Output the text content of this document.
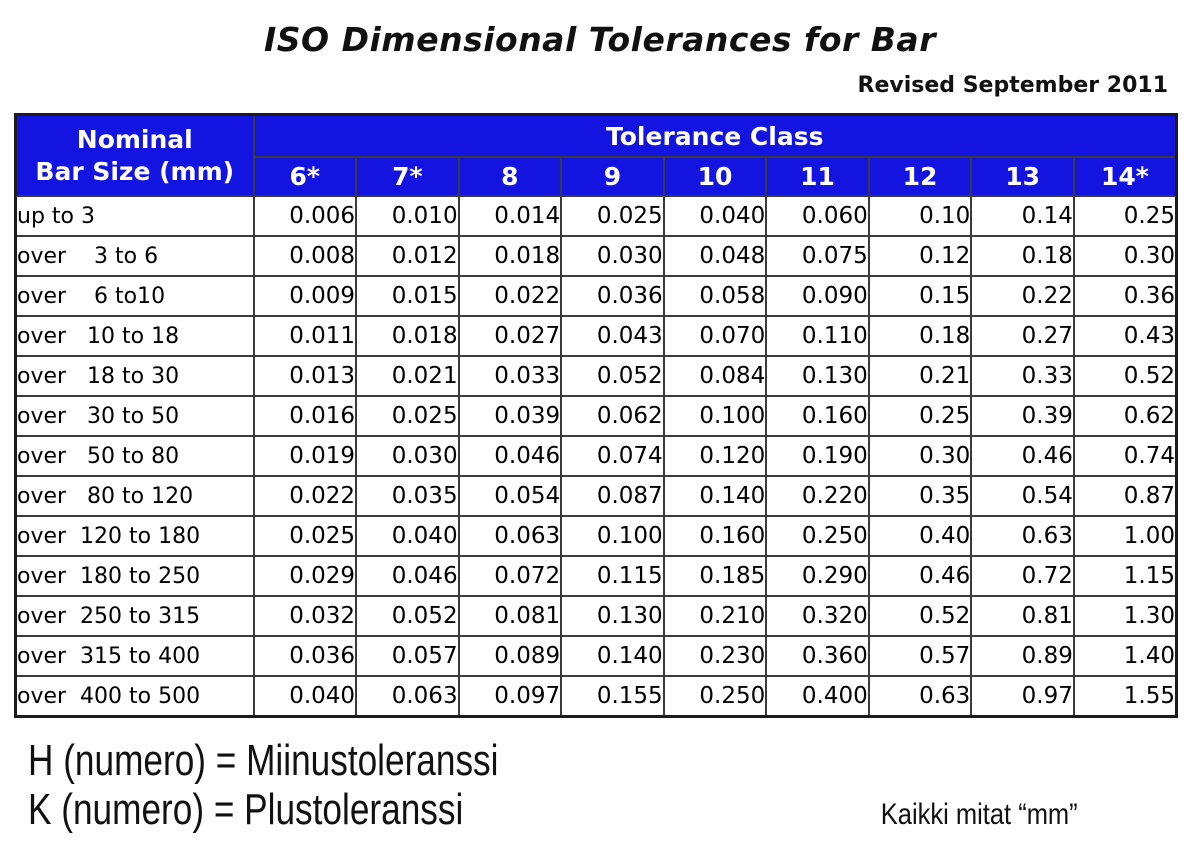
ISO Dimensional Tolerances for Bar
Revised September 2011
Nominal
Bar Size (mm)	Tolerance Class								
	6*	7*	8	9	10	11	12	13	14*
up to 3	0.006	0.010	0.014	0.025	0.040	0.060	0.10	0.14	0.25
over    3 to 6	0.008	0.012	0.018	0.030	0.048	0.075	0.12	0.18	0.30
over    6 to10	0.009	0.015	0.022	0.036	0.058	0.090	0.15	0.22	0.36
over   10 to 18	0.011	0.018	0.027	0.043	0.070	0.110	0.18	0.27	0.43
over   18 to 30	0.013	0.021	0.033	0.052	0.084	0.130	0.21	0.33	0.52
over   30 to 50	0.016	0.025	0.039	0.062	0.100	0.160	0.25	0.39	0.62
over   50 to 80	0.019	0.030	0.046	0.074	0.120	0.190	0.30	0.46	0.74
over   80 to 120	0.022	0.035	0.054	0.087	0.140	0.220	0.35	0.54	0.87
over  120 to 180	0.025	0.040	0.063	0.100	0.160	0.250	0.40	0.63	1.00
over  180 to 250	0.029	0.046	0.072	0.115	0.185	0.290	0.46	0.72	1.15
over  250 to 315	0.032	0.052	0.081	0.130	0.210	0.320	0.52	0.81	1.30
over  315 to 400	0.036	0.057	0.089	0.140	0.230	0.360	0.57	0.89	1.40
over  400 to 500	0.040	0.063	0.097	0.155	0.250	0.400	0.63	0.97	1.55
H (numero) = Miinustoleranssi
K (numero) = Plustoleranssi	Kaikki mitat “mm”
